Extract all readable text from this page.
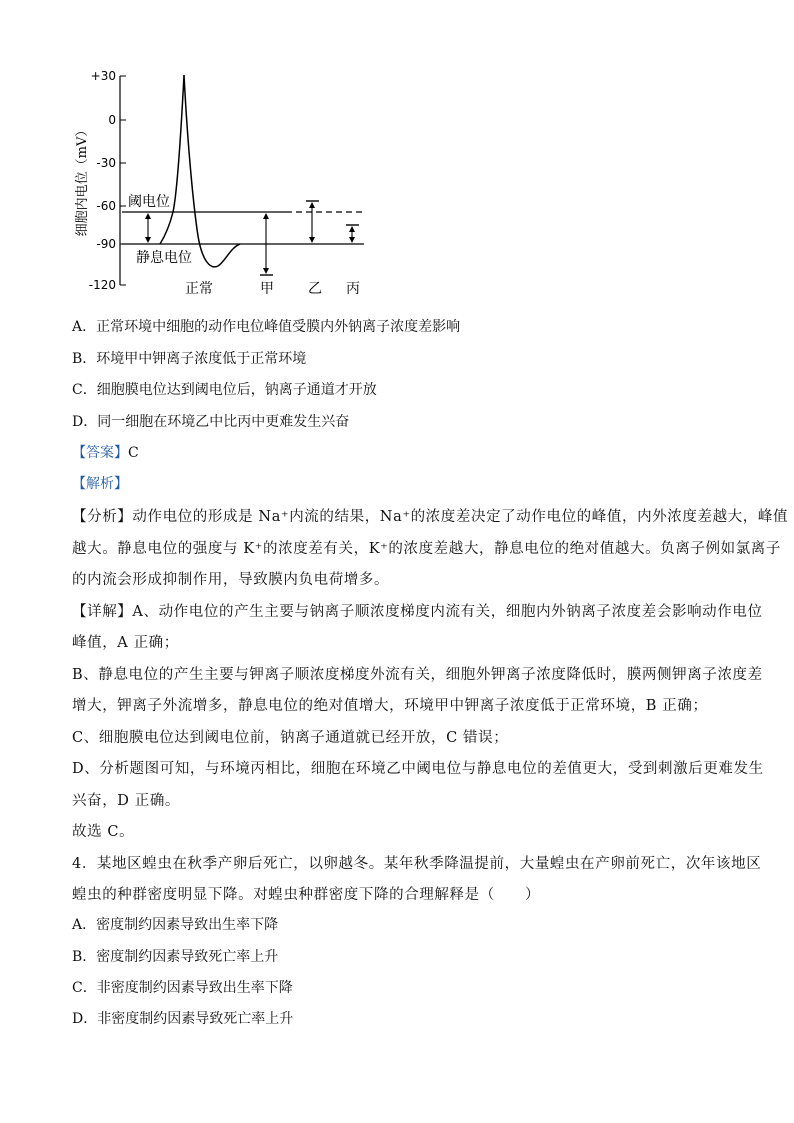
+30
0
-30
-60
-90
-120
细胞内电位（mV）	阈电位
静息电位
正常	甲 乙 丙
A．正常环境中细胞的动作电位峰值受膜内外钠离子浓度差影响
B．环境甲中钾离子浓度低于正常环境
C．细胞膜电位达到阈电位后，钠离子通道才开放
D．同一细胞在环境乙中比丙中更难发生兴奋
【答案】C
【解析】
【分析】动作电位的形成是 Na⁺内流的结果，Na⁺的浓度差决定了动作电位的峰值，内外浓度差越大，峰值
越大。静息电位的强度与 K⁺的浓度差有关，K⁺的浓度差越大，静息电位的绝对值越大。负离子例如氯离子
的内流会形成抑制作用，导致膜内负电荷增多。
【详解】A、动作电位的产生主要与钠离子顺浓度梯度内流有关，细胞内外钠离子浓度差会影响动作电位
峰值，A 正确；
B、静息电位的产生主要与钾离子顺浓度梯度外流有关，细胞外钾离子浓度降低时，膜两侧钾离子浓度差
增大，钾离子外流增多，静息电位的绝对值增大，环境甲中钾离子浓度低于正常环境，B 正确；
C、细胞膜电位达到阈电位前，钠离子通道就已经开放，C 错误；
D、分析题图可知，与环境丙相比，细胞在环境乙中阈电位与静息电位的差值更大，受到刺激后更难发生
兴奋，D 正确。
故选 C。
4．某地区蝗虫在秋季产卵后死亡，以卵越冬。某年秋季降温提前，大量蝗虫在产卵前死亡，次年该地区
蝗虫的种群密度明显下降。对蝗虫种群密度下降的合理解释是（　　）
A．密度制约因素导致出生率下降
B．密度制约因素导致死亡率上升
C．非密度制约因素导致出生率下降
D．非密度制约因素导致死亡率上升
